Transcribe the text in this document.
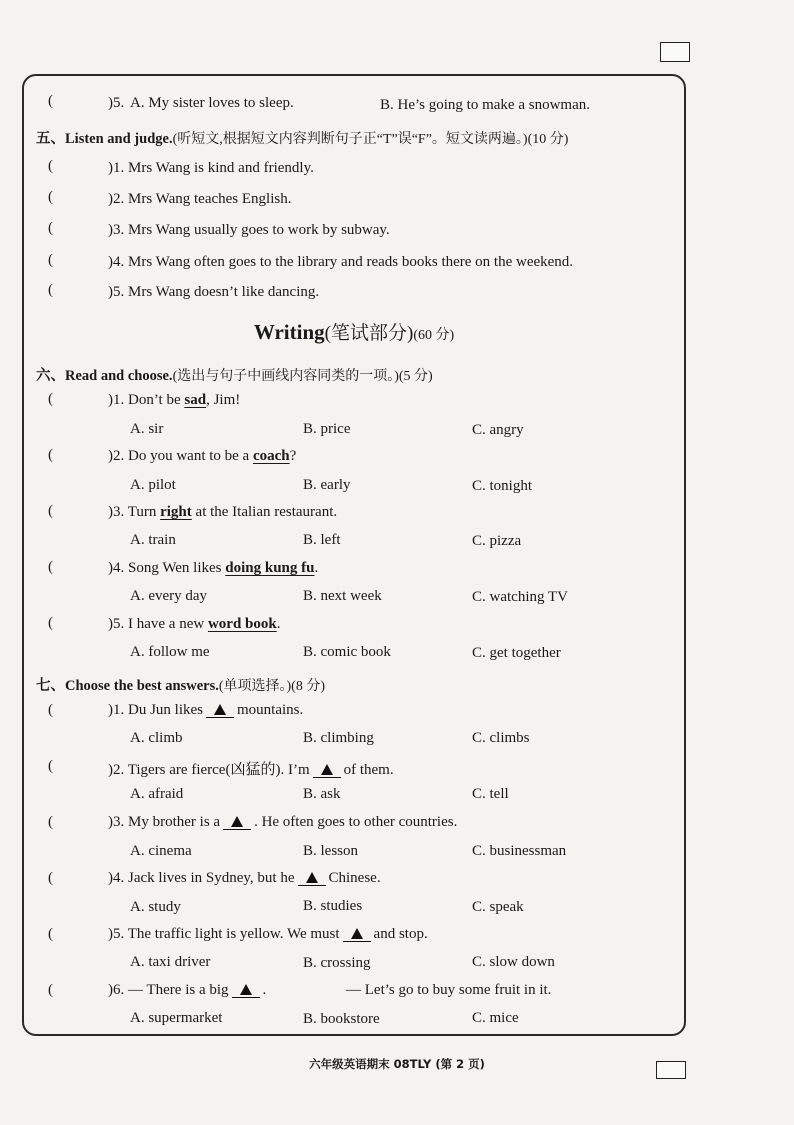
(	)5. A. My sister loves to sleep.	B. He’s going to make a snowman.
五、Listen and judge.(听短文,根据短文内容判断句子正“T”误“F”。短文读两遍。)(10 分)
(	)1. Mrs Wang is kind and friendly.
(	)2. Mrs Wang teaches English.
(	)3. Mrs Wang usually goes to work by subway.
(	)4. Mrs Wang often goes to the library and reads books there on the weekend.
(	)5. Mrs Wang doesn’t like dancing.
Writing(笔试部分)(60 分)
六、Read and choose.(选出与句子中画线内容同类的一项。)(5 分)
(	)1. Don’t be sad, Jim!
A. sir	B. price	C. angry
(	)2. Do you want to be a coach?
A. pilot	B. early	C. tonight
(	)3. Turn right at the Italian restaurant.
A. train	B. left	C. pizza
(	)4. Song Wen likes doing kung fu.
A. every day	B. next week	C. watching TV
(	)5. I have a new word book.
A. follow me	B. comic book	C. get together
七、Choose the best answers.(单项选择。)(8 分)
(	)1. Du Jun likes mountains.
A. climb	B. climbing	C. climbs
(	)2. Tigers are fierce(凶猛的). I’m of them.
A. afraid	B. ask	C. tell
(	)3. My brother is a . He often goes to other countries.
A. cinema	B. lesson	C. businessman
(	)4. Jack lives in Sydney, but he Chinese.
A. study	B. studies	C. speak
(	)5. The traffic light is yellow. We must and stop.
A. taxi driver	B. crossing	C. slow down
(	)6. — There is a big .	— Let’s go to buy some fruit in it.
A. supermarket	B. bookstore	C. mice
六年级英语期末 08TLY (第 2 页)
